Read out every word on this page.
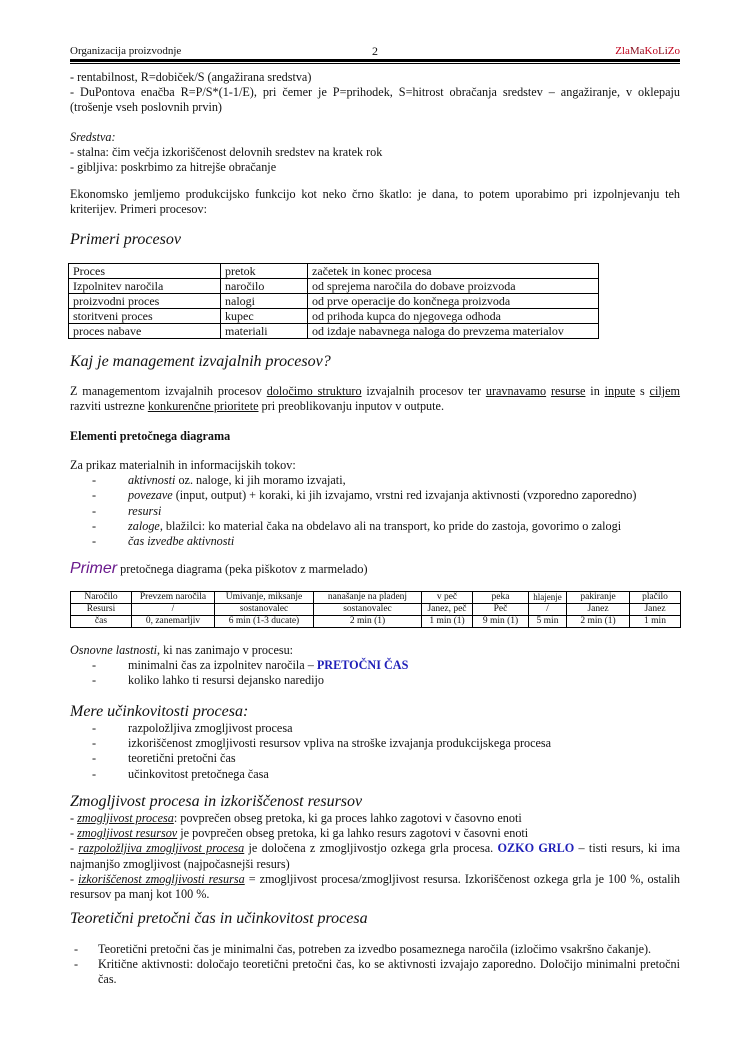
Organizacija proizvodnje	2	ZlaMaKoLiZo

- rentabilnost, R=dobiček/S (angažirana sredstva)

- DuPontova enačba R=P/S*(1-1/E), pri čemer je P=prihodek, S=hitrost obračanja sredstev – angažiranje, v oklepaju (trošenje vseh poslovnih prvin)

Sredstva:

- stalna: čim večja izkoriščenost delovnih sredstev na kratek rok

- gibljiva: poskrbimo za hitrejše obračanje

Ekonomsko jemljemo produkcijsko funkcijo kot neko črno škatlo: je dana, to potem uporabimo pri izpolnjevanju teh kriterijev. Primeri procesov:

Primeri procesov

Proces	pretok	začetek in konec procesa
Izpolnitev naročila	naročilo	od sprejema naročila do dobave proizvoda
proizvodni proces	nalogi	od prve operacije do končnega proizvoda
storitveni proces	kupec	od prihoda kupca do njegovega odhoda
proces nabave	materiali	od izdaje nabavnega naloga do prevzema materialov

Kaj je management izvajalnih procesov?

Z managementom izvajalnih procesov določimo strukturo izvajalnih procesov ter uravnavamo resurse in inpute s ciljem razviti ustrezne konkurenčne prioritete pri preoblikovanju inputov v outpute.

Elementi pretočnega diagrama

Za prikaz materialnih in informacijskih tokov:

-	aktivnosti oz. naloge, ki jih moramo izvajati,
-	povezave (input, output) + koraki, ki jih izvajamo, vrstni red izvajanja aktivnosti (vzporedno zaporedno)
-	resursi
-	zaloge, blažilci: ko material čaka na obdelavo ali na transport, ko pride do zastoja, govorimo o zalogi
-	čas izvedbe aktivnosti

Primer pretočnega diagrama (peka piškotov z marmelado)

Naročilo	Prevzem naročila	Umivanje, miksanje	nanašanje na pladenj	v peč	peka	hlajenje	pakiranje	plačilo
Resursi	/	sostanovalec	sostanovalec	Janez, peč	Peč	/	Janez	Janez
čas	0, zanemarljiv	6 min (1-3 ducate)	2 min (1)	1 min (1)	9 min (1)	5 min	2 min (1)	1 min

Osnovne lastnosti, ki nas zanimajo v procesu:

-	minimalni čas za izpolnitev naročila – PRETOČNI ČAS
-	koliko lahko ti resursi dejansko naredijo

Mere učinkovitosti procesa:

-	razpoložljiva zmogljivost procesa
-	izkoriščenost zmogljivosti resursov vpliva na stroške izvajanja produkcijskega procesa
-	teoretični pretočni čas
-	učinkovitost pretočnega časa

Zmogljivost procesa in izkoriščenost resursov

- zmogljivost procesa: povprečen obseg pretoka, ki ga proces lahko zagotovi v časovno enoti

- zmogljivost resursov je povprečen obseg pretoka, ki ga lahko resurs zagotovi v časovni enoti

- razpoložljiva zmogljivost procesa je določena z zmogljivostjo ozkega grla procesa. OZKO GRLO – tisti resurs, ki ima najmanjšo zmogljivost (najpočasnejši resurs)

- izkoriščenost zmogljivosti resursa = zmogljivost procesa/zmogljivost resursa. Izkoriščenost ozkega grla je 100 %, ostalih resursov pa manj kot 100 %.

Teoretični pretočni čas in učinkovitost procesa

- Teoretični pretočni čas je minimalni čas, potreben za izvedbo posameznega naročila (izločimo vsakršno čakanje).
- Kritične aktivnosti: določajo teoretični pretočni čas, ko se aktivnosti izvajajo zaporedno. Določijo minimalni pretočni čas.
